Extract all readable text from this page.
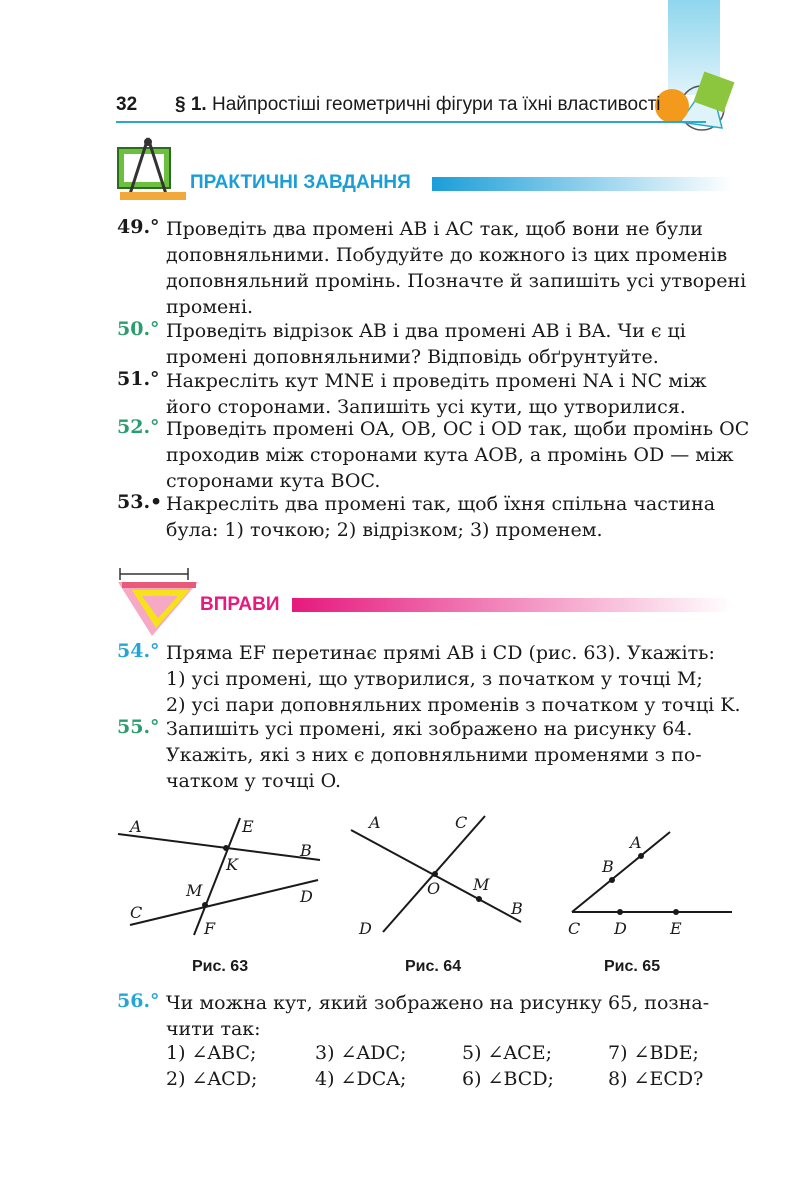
32 § 1. Найпростіші геометричні фігури та їхні властивості
ПРАКТИЧНІ ЗАВДАННЯ
49.° Проведіть два промені AB і AC так, щоб вони не були
доповняльними. Побудуйте до кожного із цих променів
доповняльний промінь. Позначте й запишіть усі утворені
промені.
50.° Проведіть відрізок AB і два промені AB і BA. Чи є ці
промені доповняльними? Відповідь обґрунтуйте.
51.° Накресліть кут MNE і проведіть промені NA і NC між
його сторонами. Запишіть усі кути, що утворилися.
52.° Проведіть промені OA, OB, OC і OD так, щоби промінь OC
проходив між сторонами кута AOB, а промінь OD — між
сторонами кута BOC.
53.• Накресліть два промені так, щоб їхня спільна частина
була: 1) точкою; 2) відрізком; 3) променем.
ВПРАВИ
54.° Пряма EF перетинає прямі AB і CD (рис. 63). Укажіть:
1) усі промені, що утворилися, з початком у точці M;
2) усі пари доповняльних променів з початком у точці K.
55.° Запишіть усі промені, які зображено на рисунку 64.
Укажіть, які з них є доповняльними променями з по-
чатком у точці O.
A	E
B
K
M	D
C
F
Рис. 63
A	C
O M
B
D
Рис. 64
A
B
C D	E
Рис. 65
56.° Чи можна кут, який зображено на рисунку 65, позна-
чити так:
1) ∠ABC;	3) ∠ADC;	5) ∠ACE;	7) ∠BDE;
2) ∠ACD;	4) ∠DCA;	6) ∠BCD;	8) ∠ECD?
